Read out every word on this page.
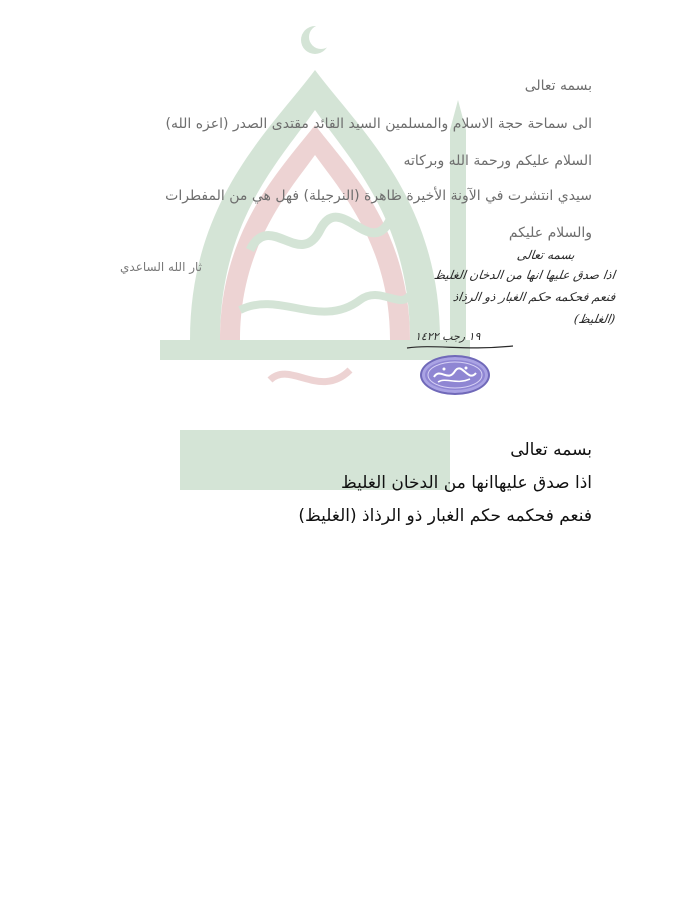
بسمه تعالى
الى سماحة حجة الاسلام والمسلمين السيد القائد مقتدى الصدر (اعزه الله)
السلام عليكم ورحمة الله وبركاته
سيدي انتشرت في الآونة الأخيرة ظاهرة (النرجيلة) فهل هي من المفطرات
والسلام عليكم
ثار الله الساعدي
بسمه تعالى
اذا صدق عليها انها من الدخان الغليظ
فنعم فحكمه حكم الغبار ذو الرذاذ
(الغليظ)
١٩ رجب ١٤٢٢
بسمه تعالى
اذا صدق عليهاانها من الدخان الغليظ
فنعم فحكمه حكم الغبار ذو الرذاذ (الغليظ)
